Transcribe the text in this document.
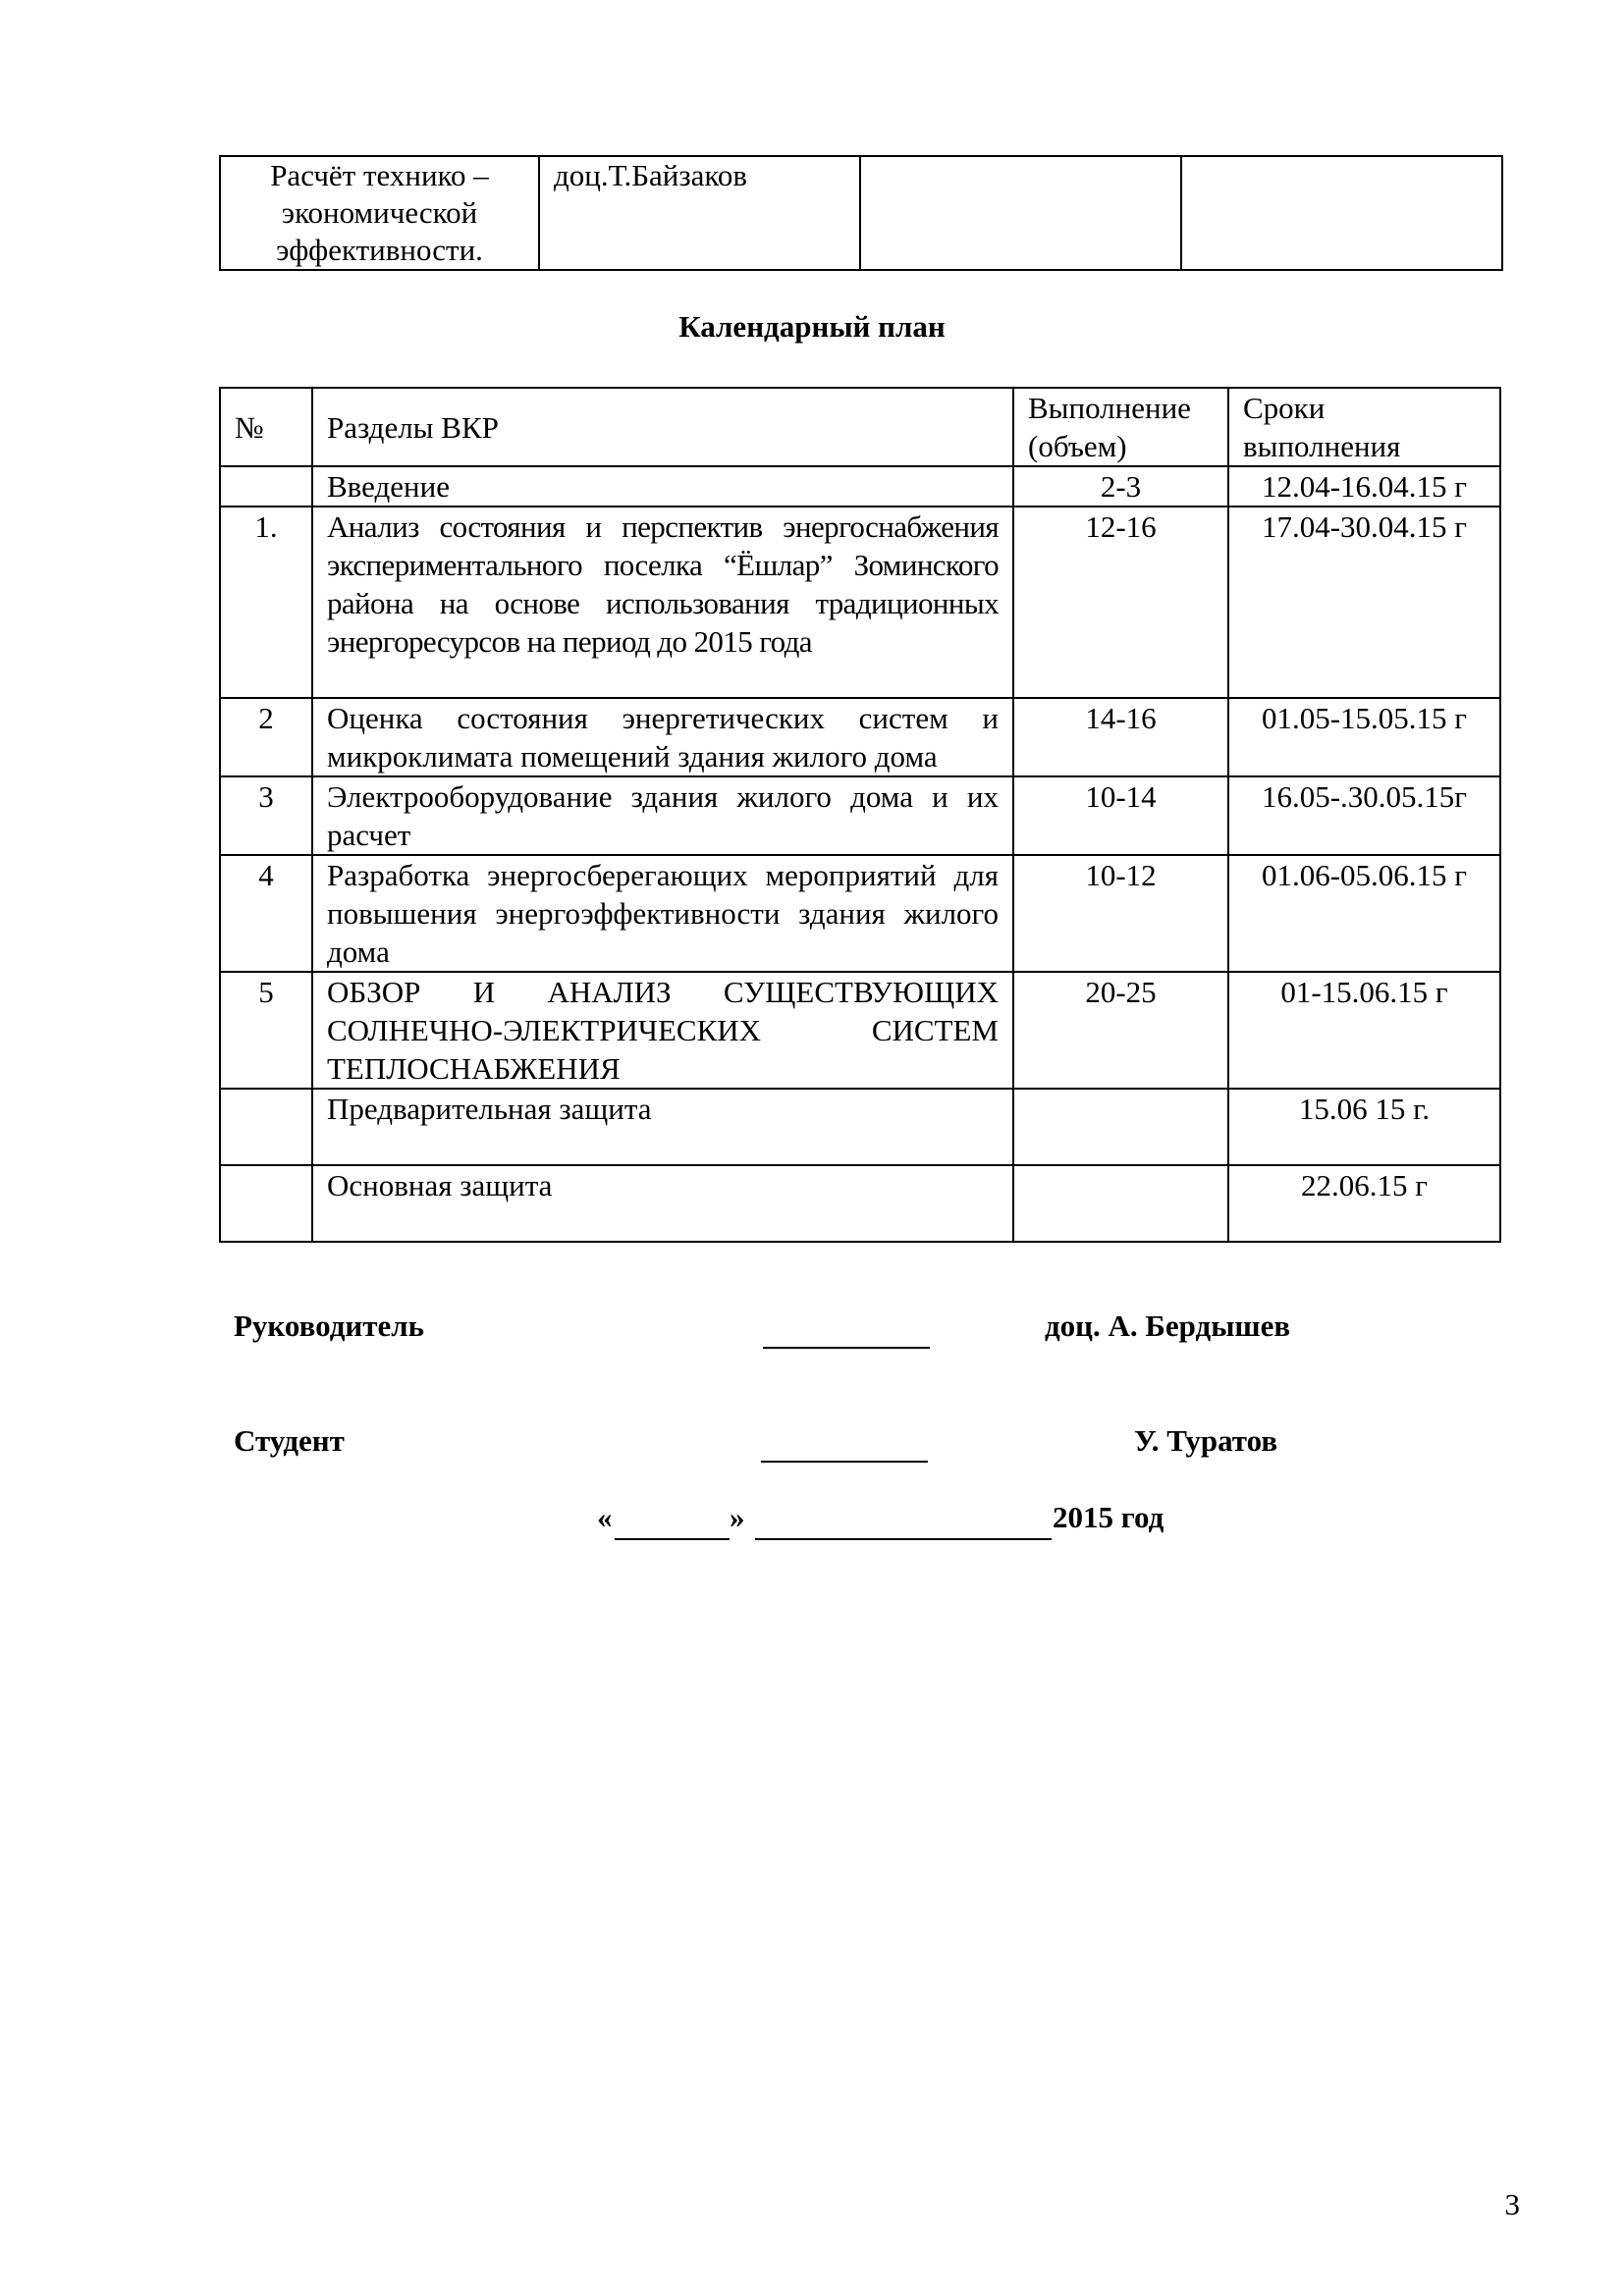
Расчёт технико – экономической эффективности.	доц.Т.Байзаков		
Календарный план
№	Разделы ВКР	Выполнение (объем)	Сроки выполнения
	Введение	2-3	12.04-16.04.15 г
1.	Анализ состояния и перспектив энергоснабжения экспериментального поселка “Ёшлар” Зоминского района на основе использования традиционных энергоресурсов на период до 2015 года	12-16	17.04-30.04.15 г
2	Оценка состояния энергетических систем и микроклимата помещений здания жилого дома	14-16	01.05-15.05.15 г
3	Электрооборудование здания жилого дома и их расчет	10-14	16.05-.30.05.15г
4	Разработка энергосберегающих мероприятий для повышения энергоэффективности здания жилого дома	10-12	01.06-05.06.15 г
5	ОБЗОР И АНАЛИЗ СУЩЕСТВУЮЩИХ СОЛНЕЧНО-ЭЛЕКТРИЧЕСКИХ СИСТЕМ ТЕПЛОСНАБЖЕНИЯ	20-25	01-15.06.15 г
	Предварительная защита		15.06 15 г.
	Основная защита		22.06.15 г
Руководитель	доц. А. Бердышев
Студент	У. Туратов
«	»	2015 год
3
